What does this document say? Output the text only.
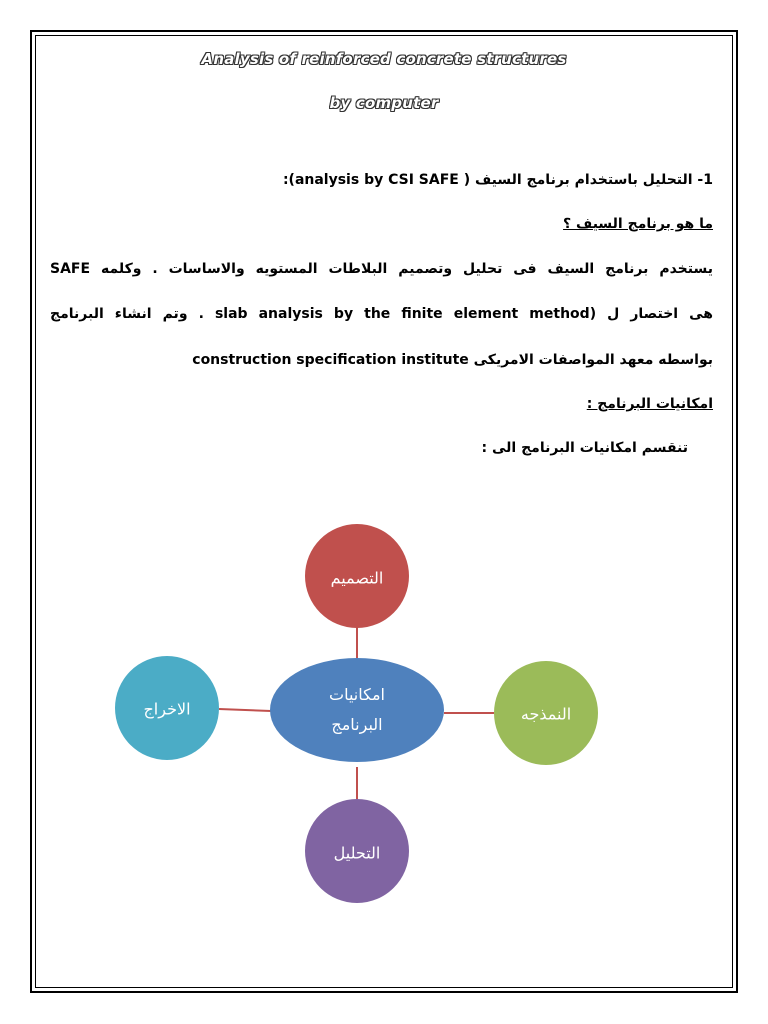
Analysis of reinforced concrete structures
by computer
1- التحليل باستخدام برنامج السيف ( analysis by CSI SAFE):
ما هو برنامج السيف ؟
يستخدم برنامج السيف فى تحليل وتصميم البلاطات المستويه والاساسات . وكلمه SAFE
هى اختصار ل (slab analysis by the finite element method . وتم انشاء البرنامج
بواسطه معهد المواصفات الامريكى construction specification institute
امكانيات البرنامج :
تنقسم امكانيات البرنامج الى :
امكانيات
البرنامج
التصميم
النمذجه
التحليل
الاخراج
